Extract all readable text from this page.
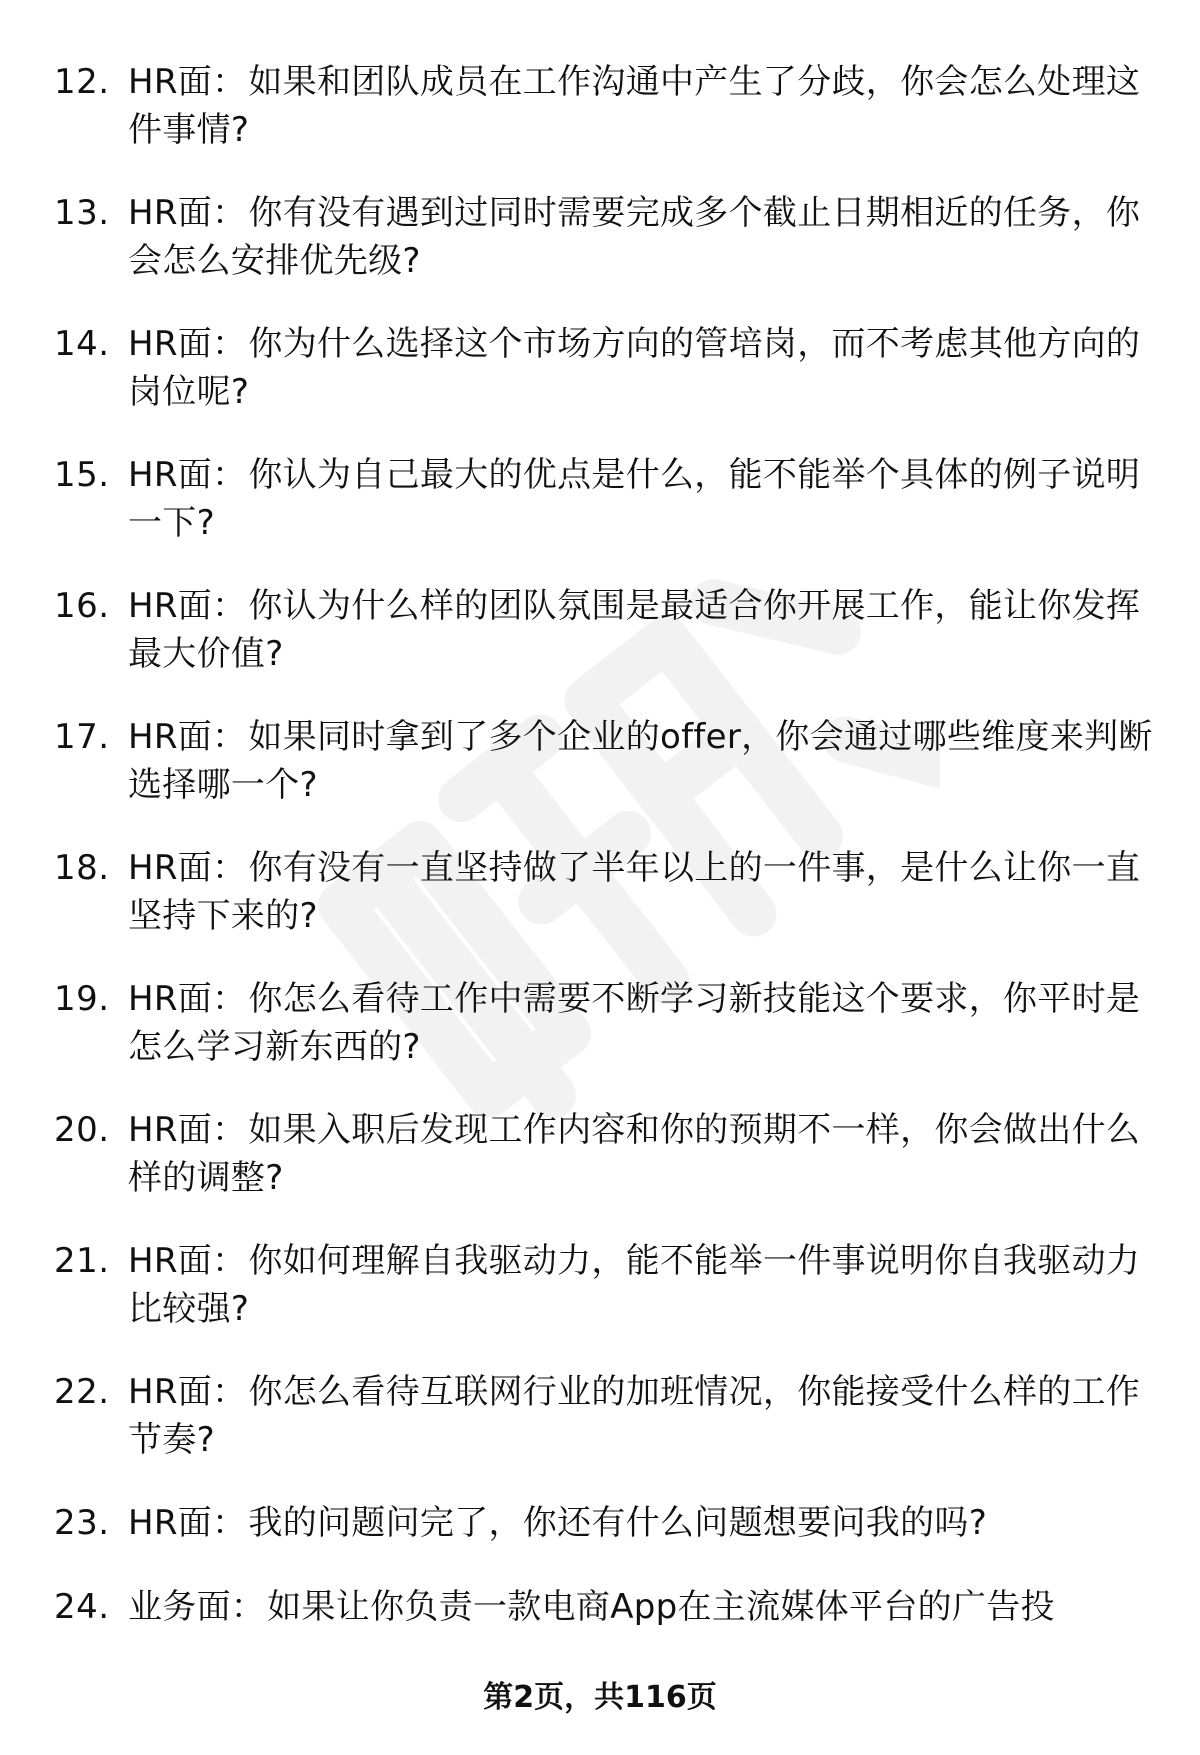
12. HR面：如果和团队成员在工作沟通中产生了分歧，你会怎么处理这件事情?
13. HR面：你有没有遇到过同时需要完成多个截止日期相近的任务，你会怎么安排优先级?
14. HR面：你为什么选择这个市场方向的管培岗，而不考虑其他方向的岗位呢?
15. HR面：你认为自己最大的优点是什么，能不能举个具体的例子说明一下?
16. HR面：你认为什么样的团队氛围是最适合你开展工作，能让你发挥最大价值?
17. HR面：如果同时拿到了多个企业的offer，你会通过哪些维度来判断选择哪一个?
18. HR面：你有没有一直坚持做了半年以上的一件事，是什么让你一直坚持下来的?
19. HR面：你怎么看待工作中需要不断学习新技能这个要求，你平时是怎么学习新东西的?
20. HR面：如果入职后发现工作内容和你的预期不一样，你会做出什么样的调整?
21. HR面：你如何理解自我驱动力，能不能举一件事说明你自我驱动力比较强?
22. HR面：你怎么看待互联网行业的加班情况，你能接受什么样的工作节奏?
23. HR面：我的问题问完了，你还有什么问题想要问我的吗?
24. 业务面：如果让你负责一款电商App在主流媒体平台的广告投
第2页，共116页
